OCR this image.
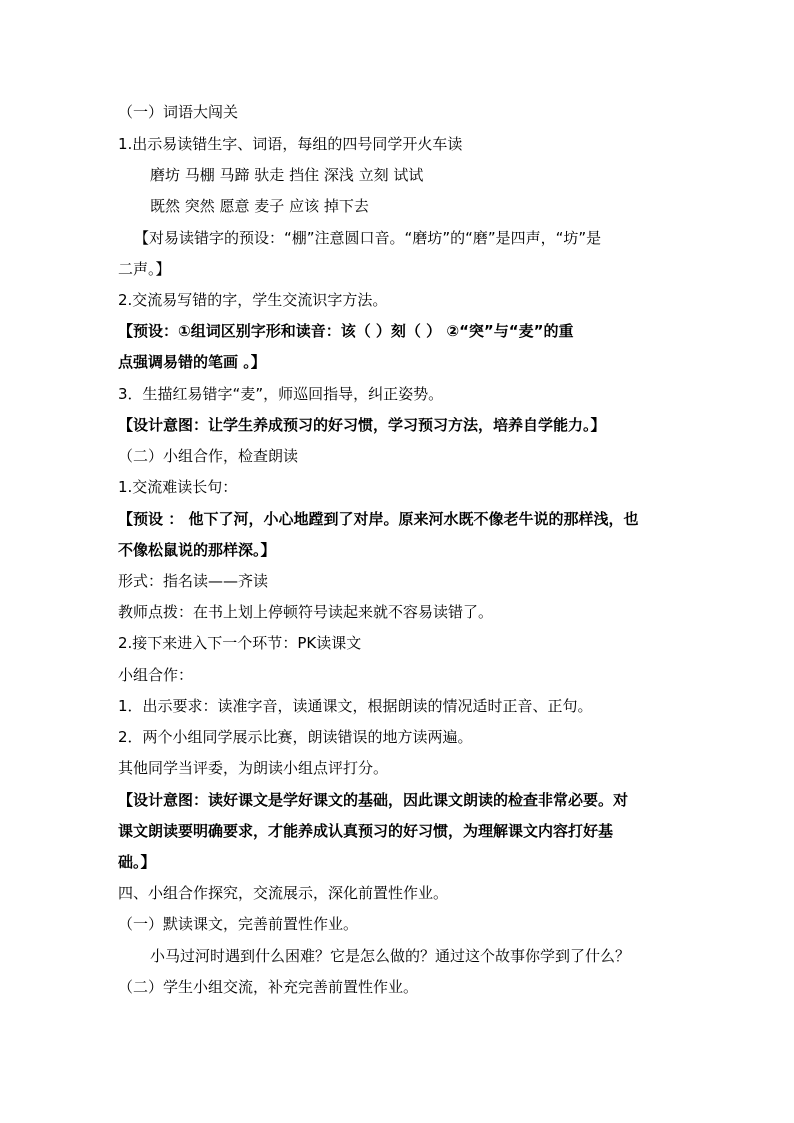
（一）词语大闯关
1.出示易读错生字、词语，每组的四号同学开火车读
磨坊 马棚 马蹄 驮走 挡住 深浅 立刻 试试
既然 突然 愿意 麦子 应该 掉下去
【对易读错字的预设：“棚”注意圆口音。“磨坊”的“磨”是四声，“坊”是
二声。】
2.交流易写错的字，学生交流识字方法。
【预设：①组词区别字形和读音：该（ ）刻（ ） ②“突”与“麦”的重
点强调易错的笔画 。】
3．生描红易错字“麦”，师巡回指导，纠正姿势。
【设计意图：让学生养成预习的好习惯，学习预习方法，培养自学能力。】
（二）小组合作，检查朗读
1.交流难读长句：
【预设 ： 他下了河，小心地蹚到了对岸。原来河水既不像老牛说的那样浅，也
不像松鼠说的那样深。】
形式：指名读——齐读
教师点拨：在书上划上停顿符号读起来就不容易读错了。
2.接下来进入下一个环节：PK读课文
小组合作：
1．出示要求：读准字音，读通课文，根据朗读的情况适时正音、正句。
2．两个小组同学展示比赛，朗读错误的地方读两遍。
其他同学当评委，为朗读小组点评打分。
【设计意图：读好课文是学好课文的基础，因此课文朗读的检查非常必要。对
课文朗读要明确要求，才能养成认真预习的好习惯，为理解课文内容打好基
础。】
四、小组合作探究，交流展示，深化前置性作业。
（一）默读课文，完善前置性作业。
小马过河时遇到什么困难？它是怎么做的？通过这个故事你学到了什么？
（二）学生小组交流，补充完善前置性作业。
